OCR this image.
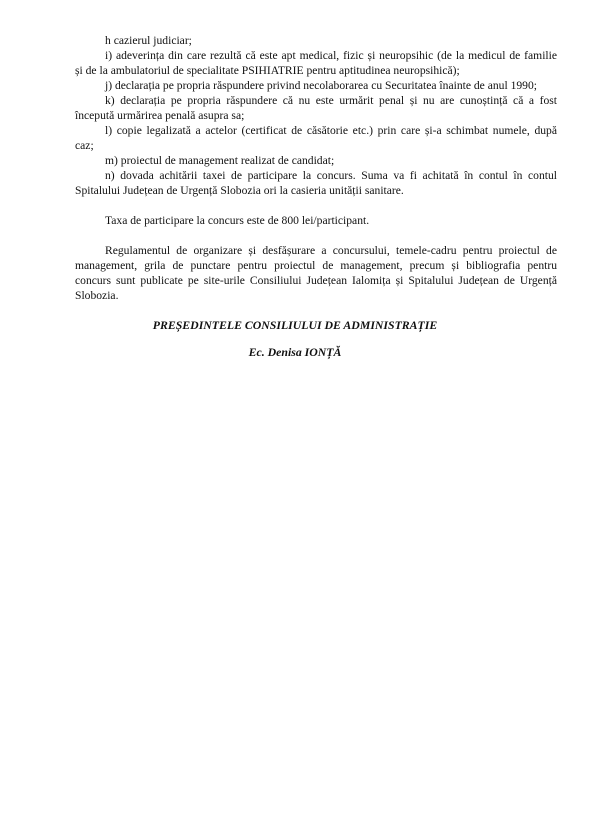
h cazierul judiciar;
i) adeverința din care rezultă că este apt medical, fizic și neuropsihic (de la medicul de familie
și de la ambulatoriul de specialitate PSIHIATRIE pentru aptitudinea neuropsihică);
j) declarația pe propria răspundere privind necolaborarea cu Securitatea înainte de anul 1990;
k) declarația pe propria răspundere că nu este urmărit penal și nu are cunoștință că a fost
începută urmărirea penală asupra sa;
l) copie legalizată a actelor (certificat de căsătorie etc.) prin care și-a schimbat numele, după
caz;
m) proiectul de management realizat de candidat;
n) dovada achitării taxei de participare la concurs. Suma va fi achitată în contul în contul
Spitalului Județean de Urgență Slobozia ori la casieria unității sanitare.
Taxa de participare la concurs este de 800 lei/participant.
Regulamentul de organizare și desfășurare a concursului, temele-cadru pentru proiectul de
management, grila de punctare pentru proiectul de management, precum și bibliografia pentru
concurs sunt publicate pe site-urile Consiliului Județean Ialomița și Spitalului Județean de Urgență
Slobozia.
PREȘEDINTELE CONSILIULUI DE ADMINISTRAȚIE
Ec. Denisa IONȚĂ
